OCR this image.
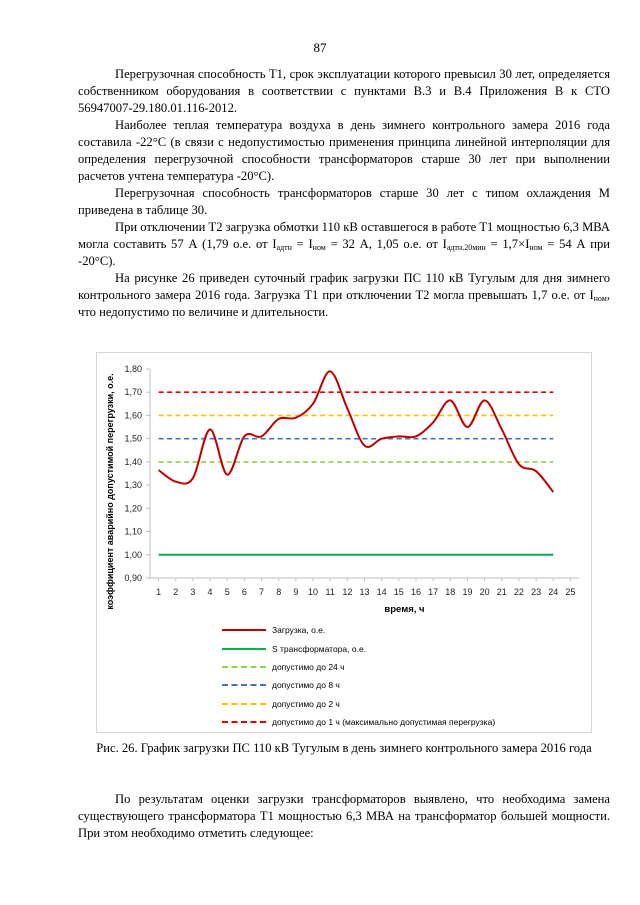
87

Перегрузочная способность Т1, срок эксплуатации которого превысил 30 лет, определяется собственником оборудования в соответствии с пунктами В.3 и В.4 Приложения В к СТО 56947007-29.180.01.116-2012.

Наиболее теплая температура воздуха в день зимнего контрольного замера 2016 года составила -22°С (в связи с недопустимостью применения принципа линейной интерполяции для определения перегрузочной способности трансформаторов старше 30 лет при выполнении расчетов учтена температура -20°С).

Перегрузочная способность трансформаторов старше 30 лет с типом охлаждения М приведена в таблице 30.

При отключении Т2 загрузка обмотки 110 кВ оставшегося в работе Т1 мощностью 6,3 МВА могла составить 57 А (1,79 о.е. от $I_{адтн} = I_{ном} = 32$ А, 1,05 о.е. от $I_{адтн.20мин} = 1,7\times I_{ном} = 54$ А при -20°С).

На рисунке 26 приведен суточный график загрузки ПС 110 кВ Тугулым для дня зимнего контрольного замера 2016 года. Загрузка Т1 при отключении Т2 могла превышать 1,7 о.е. от $I_{ном}$, что недопустимо по величине и длительности.

0,90
1,00
1,10
1,20
1,30
1,40
1,50
1,60
1,70
1,80
1 2 3 4 5 6 7 8 9 10 11 12 13 14 15 16 17 18 19 20 21 22 23 24 25
время, ч
коэффициент аварийно допустимой перегрузки, о.е.
Загрузка, о.е.
S трансформатора, о.е.
допустимо до 24 ч
допустимо до 8 ч
допустимо до 2 ч
допустимо до 1 ч (максимально допустимая перегрузка)
Рис. 26. График загрузки ПС 110 кВ Тугулым в день зимнего контрольного замера 2016 года

По результатам оценки загрузки трансформаторов выявлено, что необходима замена существующего трансформатора Т1 мощностью 6,3 МВА на трансформатор большей мощности. При этом необходимо отметить следующее:
